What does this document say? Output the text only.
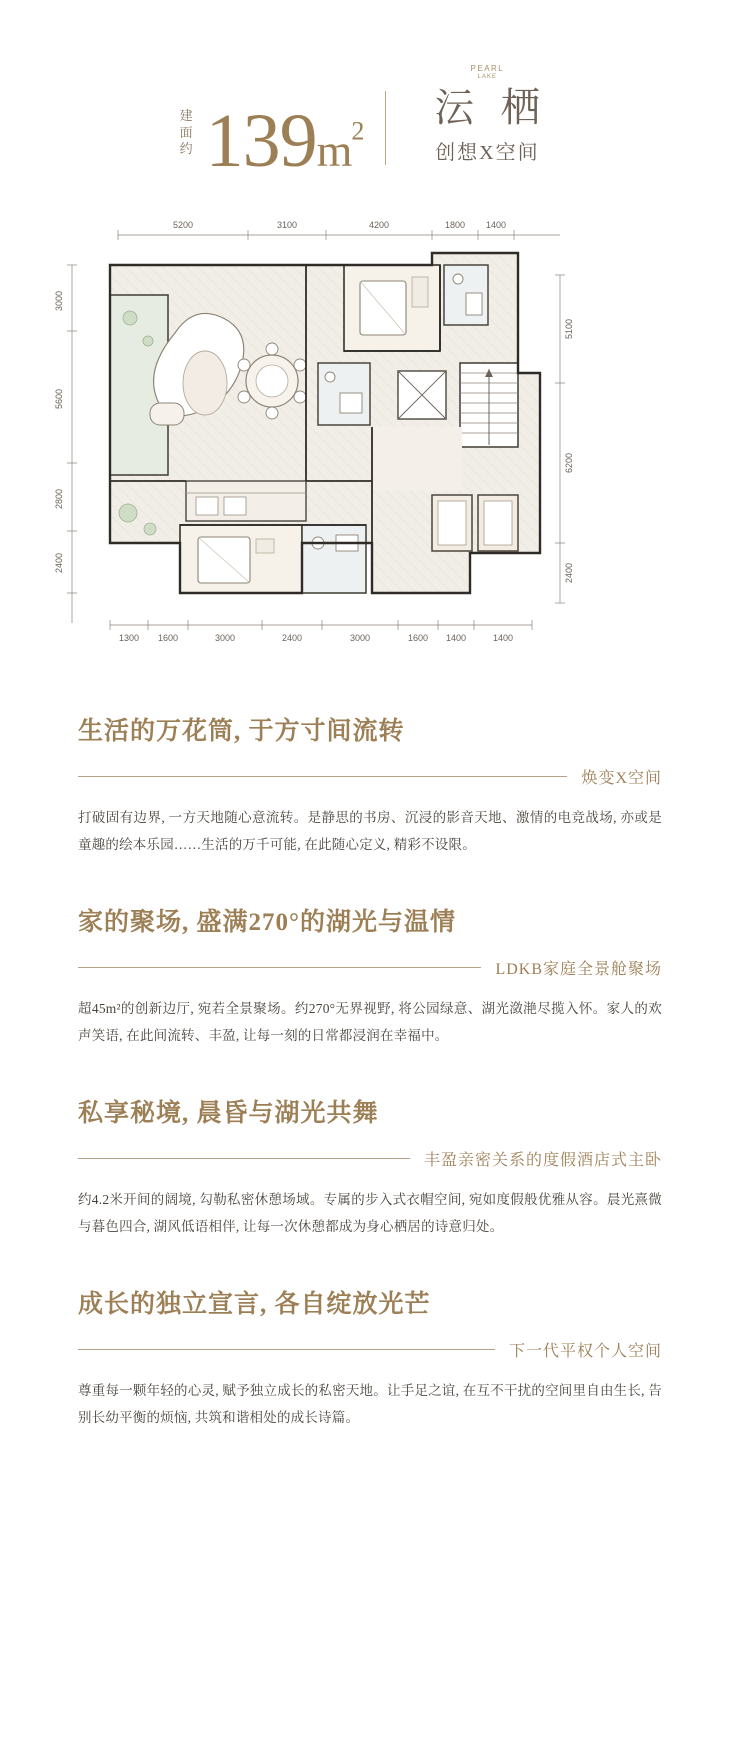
建面约 $139m^2$
PEARL
LAKE
沄栖
创想X空间
5200	3100	4200	1800 1400
3000
5600
2800
2400
5100
6200
2400
1300 1600	3000	2400	3000	1600 1400	1400
生活的万花筒, 于方寸间流转
焕变X空间

打破固有边界, 一方天地随心意流转。是静思的书房、沉浸的影音天地、激情的电竞战场, 亦或是童趣的绘本乐园……生活的万千可能, 在此随心定义, 精彩不设限。

家的聚场, 盛满270°的湖光与温情
LDKB家庭全景舱聚场

超45m²的创新边厅, 宛若全景聚场。约270°无界视野, 将公园绿意、湖光潋滟尽揽入怀。家人的欢声笑语, 在此间流转、丰盈, 让每一刻的日常都浸润在幸福中。

私享秘境, 晨昏与湖光共舞
丰盈亲密关系的度假酒店式主卧

约4.2米开间的阔境, 勾勒私密休憩场域。专属的步入式衣帽空间, 宛如度假般优雅从容。晨光熹微与暮色四合, 湖风低语相伴, 让每一次休憩都成为身心栖居的诗意归处。

成长的独立宣言, 各自绽放光芒
下一代平权个人空间

尊重每一颗年轻的心灵, 赋予独立成长的私密天地。让手足之谊, 在互不干扰的空间里自由生长, 告别长幼平衡的烦恼, 共筑和谐相处的成长诗篇。
